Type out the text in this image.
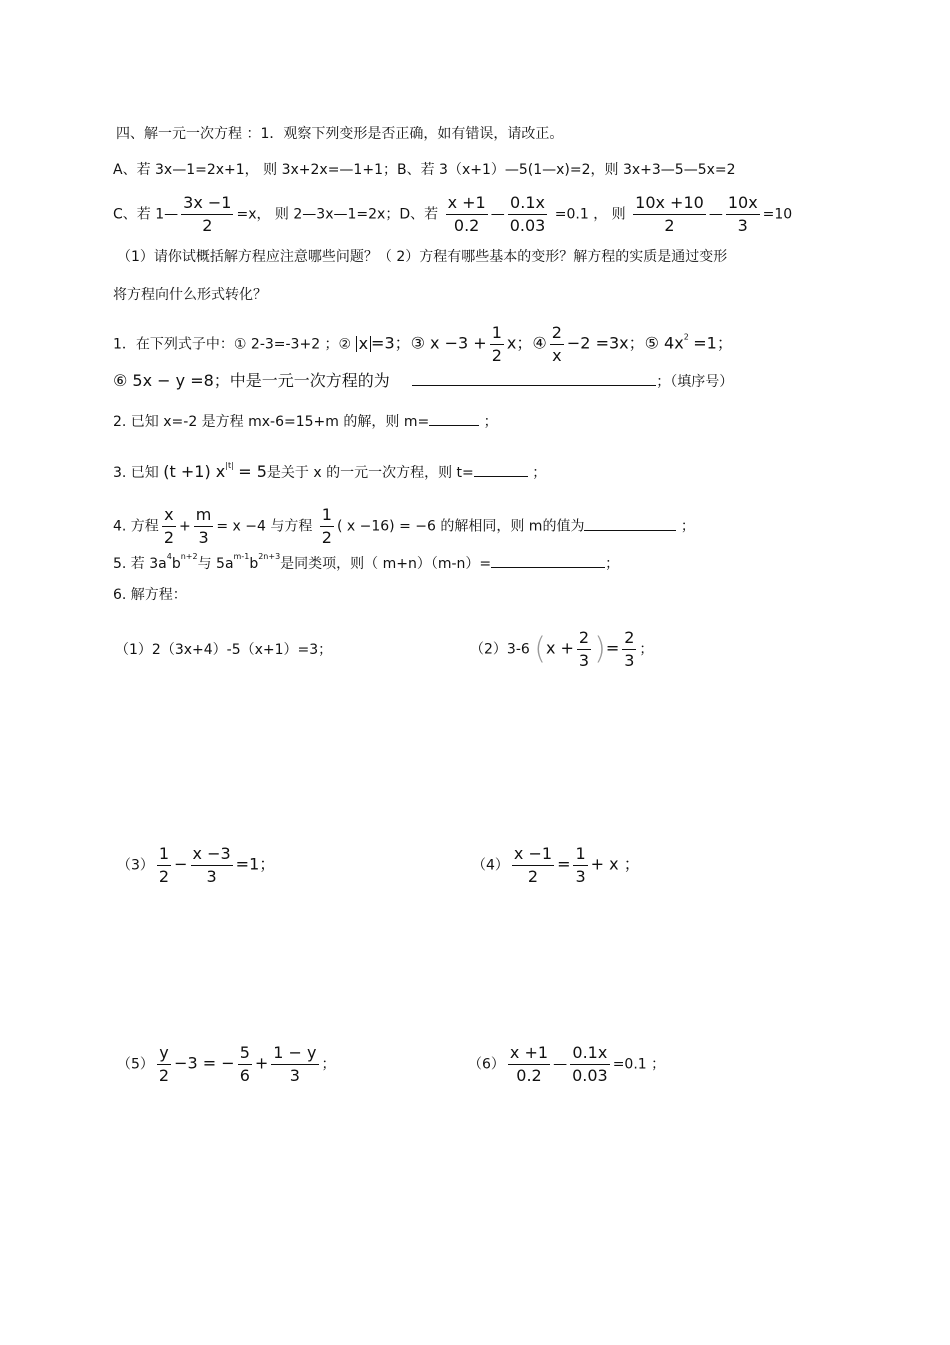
四、解一元一次方程 ：1．观察下列变形是否正确，如有错误，请改正。
A、若 3x—1=2x+1， 则 3x+2x=—1+1；B、若 3（x+1）—5(1—x)=2，则 3x+3—5—5x=2
C、若 1— $\frac{3x -1}{2} =x$， 则 2—3x—1=2x；D、若 $\frac{x +1}{0.2}$ — $\frac{0.1x}{0.03} =0.1$ ， 则 $\frac{10x +10}{2}$ — $\frac{10x}{3} =10$
（1）请你试概括解方程应注意哪些问题？（ 2）方程有哪些基本的变形？解方程的实质是通过变形
将方程向什么形式转化？
1．在下列式子中：① 2-3=-3+2 ；② x =3；③ $x -3 + \frac{1}{2}$ x；④ $\frac{2}{x} -2 =3x$；⑤ $4x^2 =1$；
⑥ 5x − y =8；中是一元一次方程的为	；（填序号）
2. 已知 x=-2 是方程 mx-6=15+m 的解，则 m=	；
3. 已知 (t +1) $x^{|t|} = 5$是关于 x 的一元一次方程，则 t=	；
4. 方程 $\frac{x}{2} + \frac{m}{3} = x -4$ 与方程 $\frac{1}{2}$ ( x −16) = −6 的解相同，则 m的值为	；
5. 若 $3a^4b^{n+2}$与 $5a^{m-1}b^{2n+3}$是同类项，则（ m+n）（m-n）=	；
6. 解方程：
（1）2（3x+4）-5（x+1）=3；	（2）3-6 ($x + \frac{2}{3}$ )= $\frac{2}{3}$ ；
$(3) \frac{1}{2} - \frac{x -3}{3} =1$；	$(4) \frac{x -1}{2} = \frac{1}{3} + x$ ；
$(5) \frac{y}{2} -3$ = − $\frac{5}{6} + \frac{1 - y}{3}$ ；	$(6) \frac{x +1}{0.2}$ — $\frac{0.1x}{0.03} =0.1$ ；
